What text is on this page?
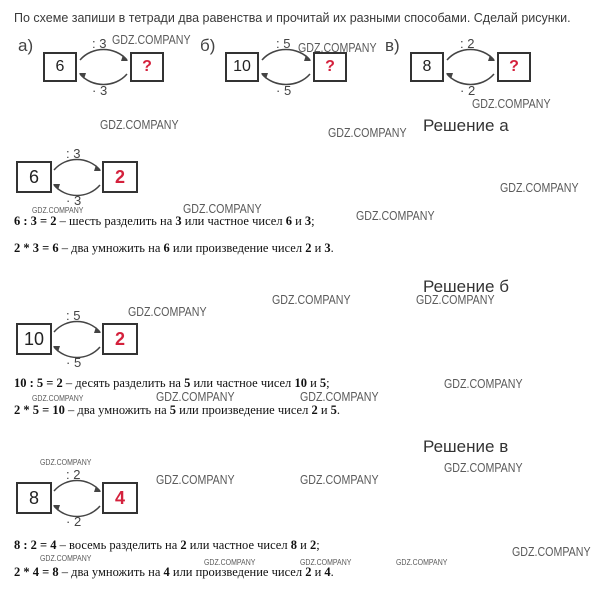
По схеме запиши в тетради два равенства и прочитай их разными способами. Сделай рисунки.
а)
6	?
: 3
· 3
б)
10	?
: 5
· 5
в)
8	?
: 2
· 2
Решение а
6	2
: 3
· 3
6 : 3 = 2 – шесть разделить на 3 или частное чисел 6 и 3;
2 * 3 = 6 – два умножить на 6 или произведение чисел 2 и 3.
Решение б
10	2
: 5
· 5
10 : 5 = 2 – десять разделить на 5 или частное чисел 10 и 5;
2 * 5 = 10 – два умножить на 5 или произведение чисел 2 и 5.
Решение в
8	4
: 2
· 2
8 : 2 = 4 – восемь разделить на 2 или частное чисел 8 и 2;
2 * 4 = 8 – два умножить на 4 или произведение чисел 2 и 4.
GDZ.COMPANY
GDZ.COMPANY
GDZ.COMPANY
GDZ.COMPANY
GDZ.COMPANY
GDZ.COMPANY
GDZ.COMPANY	GDZ.COMPANY
GDZ.COMPANY
GDZ.COMPANY	GDZ.COMPANY
GDZ.COMPANY
GDZ.COMPANY
GDZ.COMPANY	GDZ.COMPANY
GDZ.COMPANY
GDZ.COMPANY	GDZ.COMPANY
GDZ.COMPANY	GDZ.COMPANY
GDZ.COMPANY
GDZ.COMPANY	GDZ.COMPANY	GDZ.COMPANY	GDZ.COMPANY
